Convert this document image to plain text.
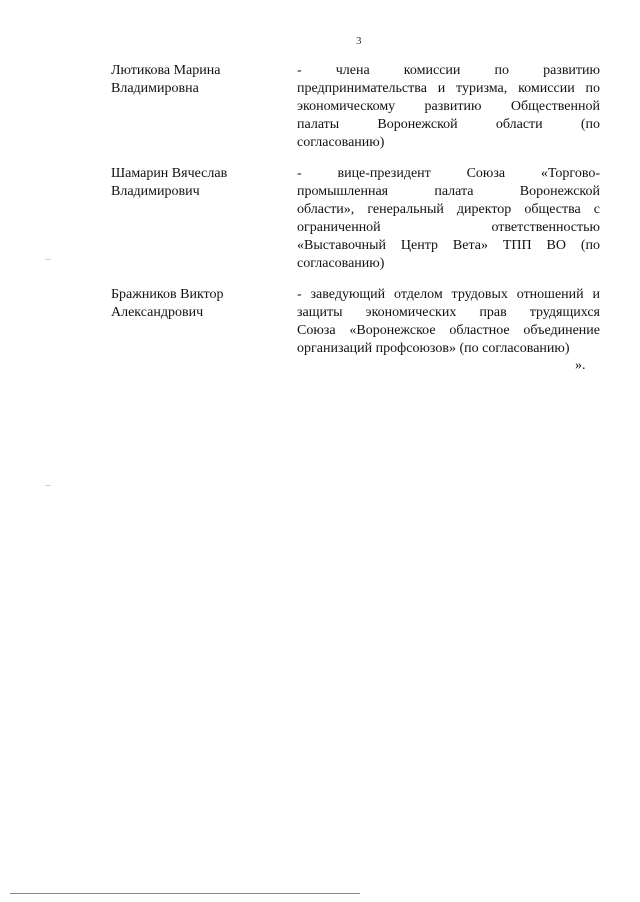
3
Лютикова Марина
Владимировна
- члена комиссии по развитию
предпринимательства и туризма, комиссии по
экономическому развитию Общественной
палаты Воронежской области (по
согласованию)
Шамарин Вячеслав
Владимирович
- вице-президент Союза «Торгово-
промышленная палата Воронежской
области», генеральный директор общества с
ограниченной ответственностью
«Выставочный Центр Вета» ТПП ВО (по
согласованию)
Бражников Виктор
Александрович
- заведующий отделом трудовых отношений и
защиты экономических прав трудящихся
Союза «Воронежское областное объединение
организаций профсоюзов» (по согласованию)
».
